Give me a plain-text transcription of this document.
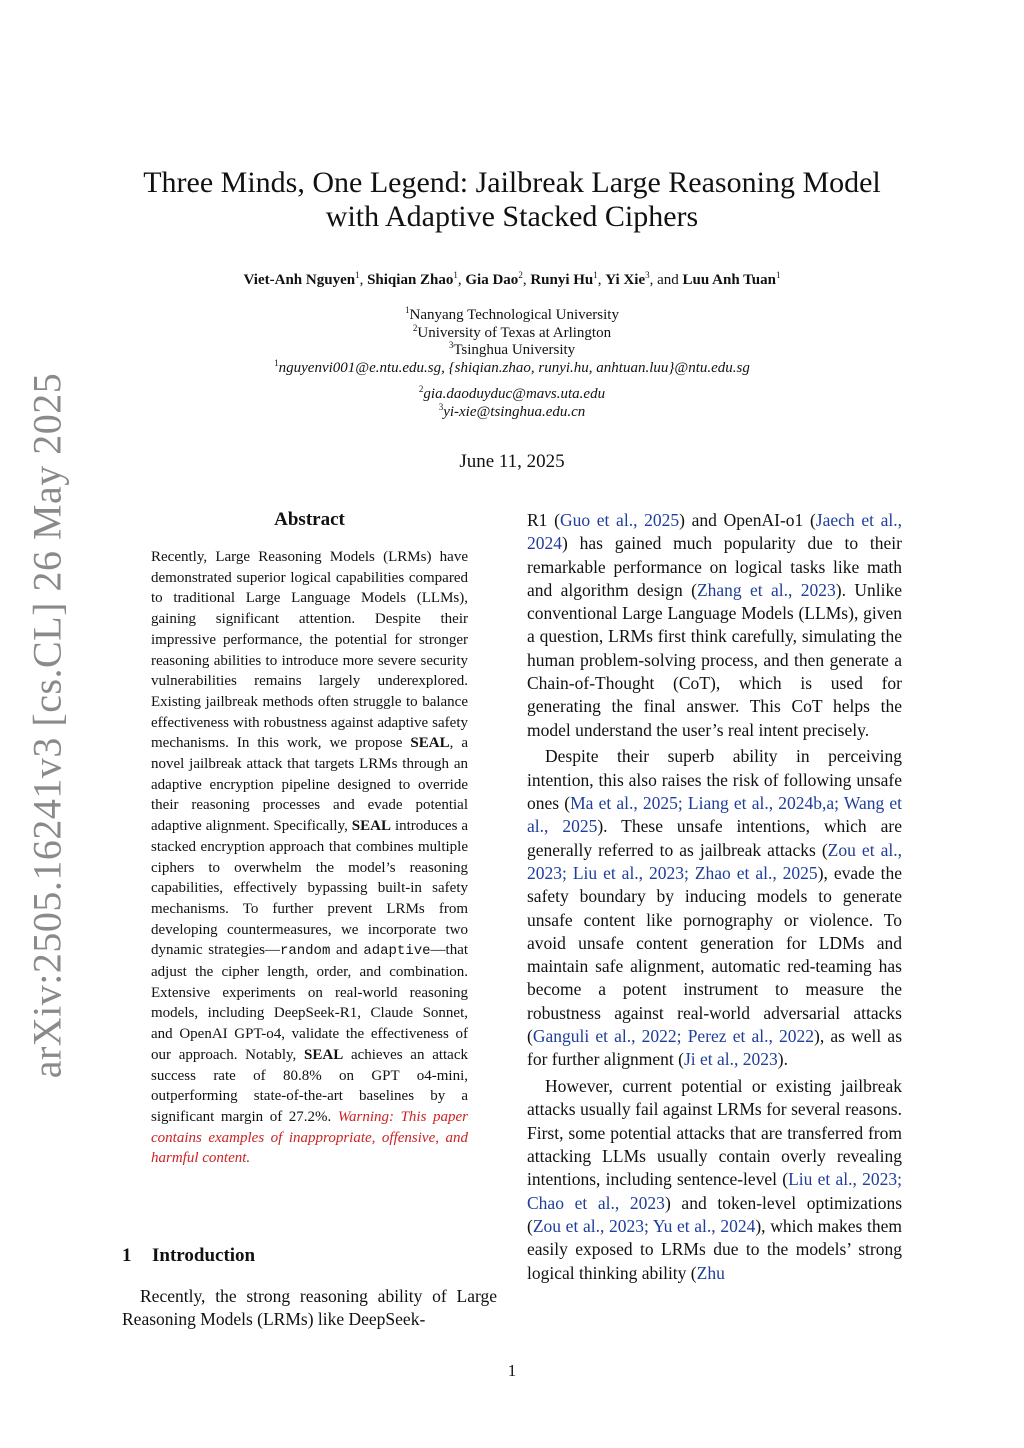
arXiv:2505.16241v3 [cs.CL] 26 May 2025
Three Minds, One Legend: Jailbreak Large Reasoning Model
with Adaptive Stacked Ciphers
Viet-Anh Nguyen$^1$, Shiqian Zhao$^1$, Gia Dao$^2$, Runyi Hu$^1$, Yi Xie$^3$, and Luu Anh Tuan$^1$
$^1$Nanyang Technological University
$^2$University of Texas at Arlington
$^3$Tsinghua University
$^1$nguyenvi001@e.ntu.edu.sg, {shiqian.zhao, runyi.hu, anhtuan.luu}@ntu.edu.sg
$^2$gia.daoduyduc@mavs.uta.edu
$^3$yi-xie@tsinghua.edu.cn
June 11, 2025
Abstract
Recently, Large Reasoning Models (LRMs) have demonstrated superior logical capabilities compared to traditional Large Language Models (LLMs), gaining significant attention. Despite their impressive performance, the potential for stronger reasoning abilities to introduce more severe security vulnerabilities remains largely underexplored. Existing jailbreak methods often struggle to balance effectiveness with robustness against adaptive safety mechanisms. In this work, we propose SEAL, a novel jailbreak attack that targets LRMs through an adaptive encryption pipeline designed to override their reasoning processes and evade potential adaptive alignment. Specifically, SEAL introduces a stacked encryption approach that combines multiple ciphers to overwhelm the model’s reasoning capabilities, effectively bypassing built-in safety mechanisms. To further prevent LRMs from developing countermeasures, we incorporate two dynamic strategies—random and adaptive—that adjust the cipher length, order, and combination. Extensive experiments on real-world reasoning models, including DeepSeek-R1, Claude Sonnet, and OpenAI GPT-o4, validate the effectiveness of our approach. Notably, SEAL achieves an attack success rate of 80.8% on GPT o4-mini, outperforming state-of-the-art baselines by a significant margin of 27.2%. Warning: This paper contains examples of inappropriate, offensive, and harmful content.
1 Introduction
Recently, the strong reasoning ability of Large Reasoning Models (LRMs) like DeepSeek-

R1 (Guo et al., 2025) and OpenAI-o1 (Jaech et al., 2024) has gained much popularity due to their remarkable performance on logical tasks like math and algorithm design (Zhang et al., 2023). Unlike conventional Large Language Models (LLMs), given a question, LRMs first think carefully, simulating the human problem-solving process, and then generate a Chain-of-Thought (CoT), which is used for generating the final answer. This CoT helps the model understand the user’s real intent precisely.

Despite their superb ability in perceiving intention, this also raises the risk of following unsafe ones (Ma et al., 2025; Liang et al., 2024b,a; Wang et al., 2025). These unsafe intentions, which are generally referred to as jailbreak attacks (Zou et al., 2023; Liu et al., 2023; Zhao et al., 2025), evade the safety boundary by inducing models to generate unsafe content like pornography or violence. To avoid unsafe content generation for LDMs and maintain safe alignment, automatic red-teaming has become a potent instrument to measure the robustness against real-world adversarial attacks (Ganguli et al., 2022; Perez et al., 2022), as well as for further alignment (Ji et al., 2023).

However, current potential or existing jailbreak attacks usually fail against LRMs for several reasons. First, some potential attacks that are transferred from attacking LLMs usually contain overly revealing intentions, including sentence-level (Liu et al., 2023; Chao et al., 2023) and token-level optimizations (Zou et al., 2023; Yu et al., 2024), which makes them easily exposed to LRMs due to the models’ strong logical thinking ability (Zhu

1
